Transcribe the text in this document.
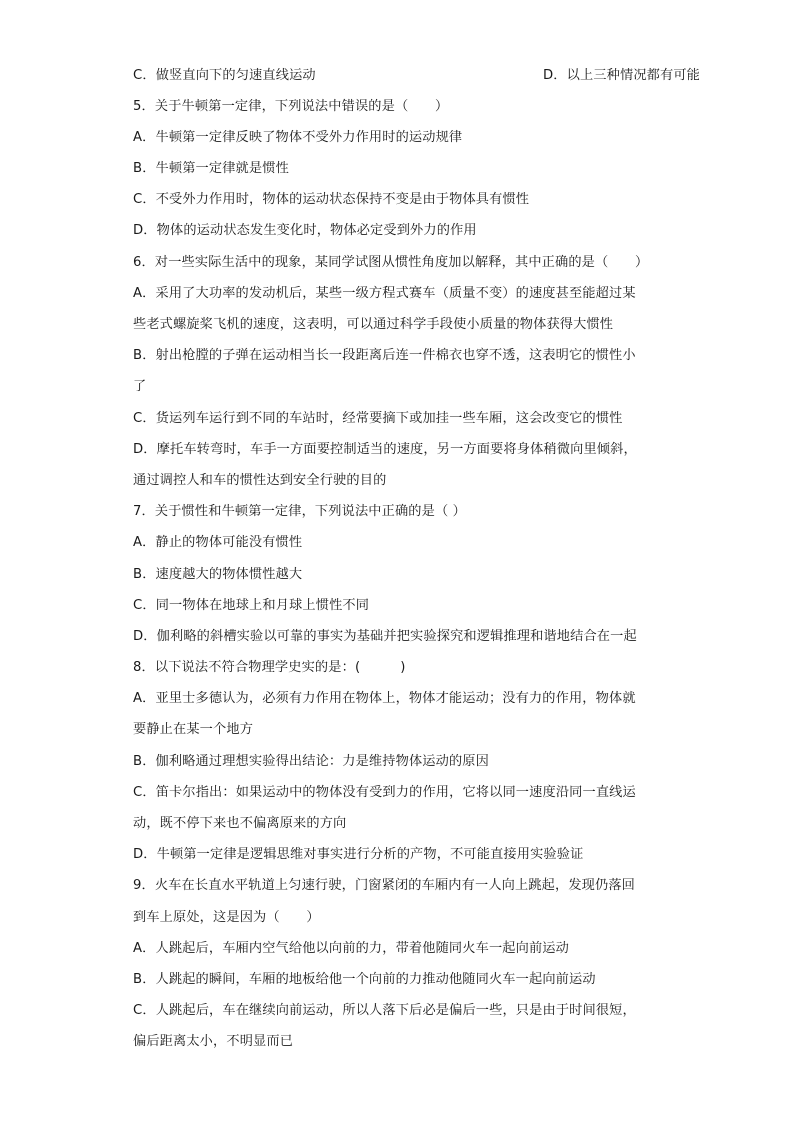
C．做竖直向下的匀速直线运动	D．以上三种情况都有可能
5．关于牛顿第一定律，下列说法中错误的是（　　）
A．牛顿第一定律反映了物体不受外力作用时的运动规律
B．牛顿第一定律就是惯性
C．不受外力作用时，物体的运动状态保持不变是由于物体具有惯性
D．物体的运动状态发生变化时，物体必定受到外力的作用
6．对一些实际生活中的现象，某同学试图从惯性角度加以解释，其中正确的是（　　）
A．采用了大功率的发动机后，某些一级方程式赛车（质量不变）的速度甚至能超过某
些老式螺旋桨飞机的速度，这表明，可以通过科学手段使小质量的物体获得大惯性
B．射出枪膛的子弹在运动相当长一段距离后连一件棉衣也穿不透，这表明它的惯性小
了
C．货运列车运行到不同的车站时，经常要摘下或加挂一些车厢，这会改变它的惯性
D．摩托车转弯时，车手一方面要控制适当的速度，另一方面要将身体稍微向里倾斜，
通过调控人和车的惯性达到安全行驶的目的
7．关于惯性和牛顿第一定律，下列说法中正确的是（ ）
A．静止的物体可能没有惯性
B．速度越大的物体惯性越大
C．同一物体在地球上和月球上惯性不同
D．伽利略的斜槽实验以可靠的事实为基础并把实验探究和逻辑推理和谐地结合在一起
8．以下说法不符合物理学史实的是：(　　　)
A．亚里士多德认为，必须有力作用在物体上，物体才能运动；没有力的作用，物体就
要静止在某一个地方
B．伽利略通过理想实验得出结论：力是维持物体运动的原因
C．笛卡尔指出：如果运动中的物体没有受到力的作用，它将以同一速度沿同一直线运
动，既不停下来也不偏离原来的方向
D．牛顿第一定律是逻辑思维对事实进行分析的产物，不可能直接用实验验证
9．火车在长直水平轨道上匀速行驶，门窗紧闭的车厢内有一人向上跳起，发现仍落回
到车上原处，这是因为（　　）
A．人跳起后，车厢内空气给他以向前的力，带着他随同火车一起向前运动
B．人跳起的瞬间，车厢的地板给他一个向前的力推动他随同火车一起向前运动
C．人跳起后，车在继续向前运动，所以人落下后必是偏后一些，只是由于时间很短，
偏后距离太小，不明显而已
